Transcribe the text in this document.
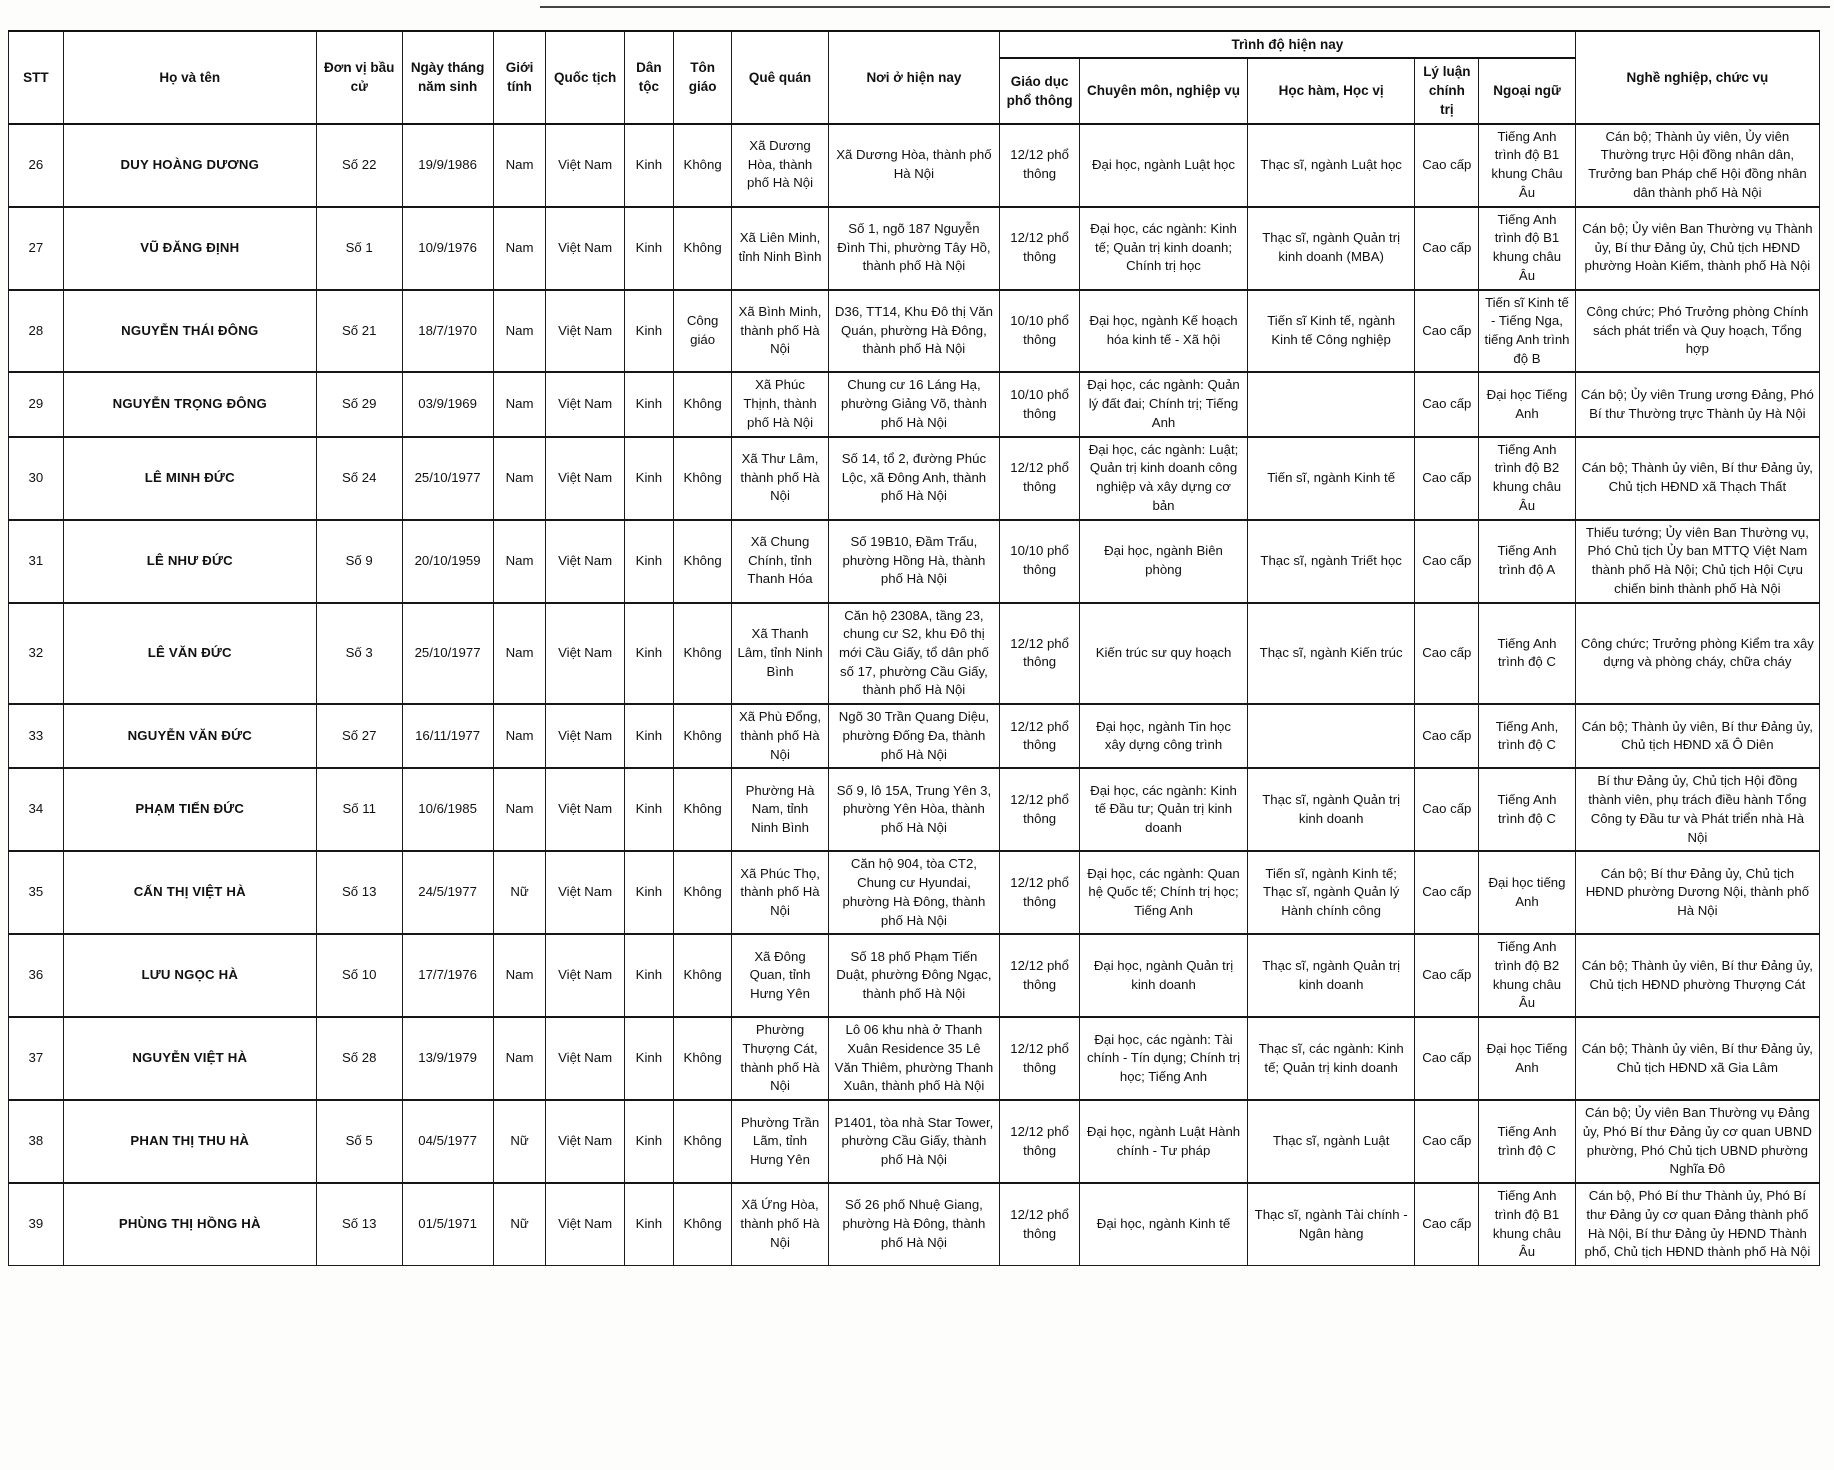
STT	Họ và tên	Đơn vị bầu cử	Ngày tháng năm sinh	Giới tính	Quốc tịch	Dân tộc	Tôn giáo	Quê quán	Nơi ở hiện nay	Trình độ hiện nay					Nghề nghiệp, chức vụ
										Giáo dục phổ thông	Chuyên môn, nghiệp vụ	Học hàm, Học vị	Lý luận chính trị	Ngoại ngữ	
26	DUY HOÀNG DƯƠNG	Số 22	19/9/1986	Nam	Việt Nam	Kinh	Không	Xã Dương Hòa, thành phố Hà Nội	Xã Dương Hòa, thành phố Hà Nội	12/12 phổ thông	Đại học, ngành Luật học	Thạc sĩ, ngành Luật học	Cao cấp	Tiếng Anh trình độ B1 khung Châu Âu	Cán bộ; Thành ủy viên, Ủy viên Thường trực Hội đồng nhân dân, Trưởng ban Pháp chế Hội đồng nhân dân thành phố Hà Nội
27	VŨ ĐĂNG ĐỊNH	Số 1	10/9/1976	Nam	Việt Nam	Kinh	Không	Xã Liên Minh, tỉnh Ninh Bình	Số 1, ngõ 187 Nguyễn Đình Thi, phường Tây Hồ, thành phố Hà Nội	12/12 phổ thông	Đại học, các ngành: Kinh tế; Quản trị kinh doanh; Chính trị học	Thạc sĩ, ngành Quản trị kinh doanh (MBA)	Cao cấp	Tiếng Anh trình độ B1 khung châu Âu	Cán bộ; Ủy viên Ban Thường vụ Thành ủy, Bí thư Đảng ủy, Chủ tịch HĐND phường Hoàn Kiếm, thành phố Hà Nội
28	NGUYỄN THÁI ĐÔNG	Số 21	18/7/1970	Nam	Việt Nam	Kinh	Công giáo	Xã Bình Minh, thành phố Hà Nội	D36, TT14, Khu Đô thị Văn Quán, phường Hà Đông, thành phố Hà Nội	10/10 phổ thông	Đại học, ngành Kế hoạch hóa kinh tế - Xã hội	Tiến sĩ Kinh tế, ngành Kinh tế Công nghiệp	Cao cấp	Tiến sĩ Kinh tế - Tiếng Nga, tiếng Anh trình độ B	Công chức; Phó Trưởng phòng Chính sách phát triển và Quy hoạch, Tổng hợp
29	NGUYỄN TRỌNG ĐÔNG	Số 29	03/9/1969	Nam	Việt Nam	Kinh	Không	Xã Phúc Thịnh, thành phố Hà Nội	Chung cư 16 Láng Hạ, phường Giảng Võ, thành phố Hà Nội	10/10 phổ thông	Đại học, các ngành: Quản lý đất đai; Chính trị; Tiếng Anh		Cao cấp	Đại học Tiếng Anh	Cán bộ; Ủy viên Trung ương Đảng, Phó Bí thư Thường trực Thành ủy Hà Nội
30	LÊ MINH ĐỨC	Số 24	25/10/1977	Nam	Việt Nam	Kinh	Không	Xã Thư Lâm, thành phố Hà Nội	Số 14, tổ 2, đường Phúc Lộc, xã Đông Anh, thành phố Hà Nội	12/12 phổ thông	Đại học, các ngành: Luật; Quản trị kinh doanh công nghiệp và xây dựng cơ bản	Tiến sĩ, ngành Kinh tế	Cao cấp	Tiếng Anh trình độ B2 khung châu Âu	Cán bộ; Thành ủy viên, Bí thư Đảng ủy, Chủ tịch HĐND xã Thạch Thất
31	LÊ NHƯ ĐỨC	Số 9	20/10/1959	Nam	Việt Nam	Kinh	Không	Xã Chung Chính, tỉnh Thanh Hóa	Số 19B10, Đầm Trấu, phường Hồng Hà, thành phố Hà Nội	10/10 phổ thông	Đại học, ngành Biên phòng	Thạc sĩ, ngành Triết học	Cao cấp	Tiếng Anh trình độ A	Thiếu tướng; Ủy viên Ban Thường vụ, Phó Chủ tịch Ủy ban MTTQ Việt Nam thành phố Hà Nội; Chủ tịch Hội Cựu chiến binh thành phố Hà Nội
32	LÊ VĂN ĐỨC	Số 3	25/10/1977	Nam	Việt Nam	Kinh	Không	Xã Thanh Lâm, tỉnh Ninh Bình	Căn hộ 2308A, tầng 23, chung cư S2, khu Đô thị mới Cầu Giấy, tổ dân phố số 17, phường Cầu Giấy, thành phố Hà Nội	12/12 phổ thông	Kiến trúc sư quy hoạch	Thạc sĩ, ngành Kiến trúc	Cao cấp	Tiếng Anh trình độ C	Công chức; Trưởng phòng Kiểm tra xây dựng và phòng cháy, chữa cháy
33	NGUYỄN VĂN ĐỨC	Số 27	16/11/1977	Nam	Việt Nam	Kinh	Không	Xã Phù Đổng, thành phố Hà Nội	Ngõ 30 Trần Quang Diệu, phường Đống Đa, thành phố Hà Nội	12/12 phổ thông	Đại học, ngành Tin học xây dựng công trình		Cao cấp	Tiếng Anh, trình độ C	Cán bộ; Thành ủy viên, Bí thư Đảng ủy, Chủ tịch HĐND xã Ô Diên
34	PHẠM TIẾN ĐỨC	Số 11	10/6/1985	Nam	Việt Nam	Kinh	Không	Phường Hà Nam, tỉnh Ninh Bình	Số 9, lô 15A, Trung Yên 3, phường Yên Hòa, thành phố Hà Nội	12/12 phổ thông	Đại học, các ngành: Kinh tế Đầu tư; Quản trị kinh doanh	Thạc sĩ, ngành Quản trị kinh doanh	Cao cấp	Tiếng Anh trình độ C	Bí thư Đảng ủy, Chủ tịch Hội đồng thành viên, phụ trách điều hành Tổng Công ty Đầu tư và Phát triển nhà Hà Nội
35	CẤN THỊ VIỆT HÀ	Số 13	24/5/1977	Nữ	Việt Nam	Kinh	Không	Xã Phúc Thọ, thành phố Hà Nội	Căn hộ 904, tòa CT2, Chung cư Hyundai, phường Hà Đông, thành phố Hà Nội	12/12 phổ thông	Đại học, các ngành: Quan hệ Quốc tế; Chính trị học; Tiếng Anh	Tiến sĩ, ngành Kinh tế; Thạc sĩ, ngành Quản lý Hành chính công	Cao cấp	Đại học tiếng Anh	Cán bộ; Bí thư Đảng ủy, Chủ tịch HĐND phường Dương Nội, thành phố Hà Nội
36	LƯU NGỌC HÀ	Số 10	17/7/1976	Nam	Việt Nam	Kinh	Không	Xã Đông Quan, tỉnh Hưng Yên	Số 18 phố Phạm Tiến Duật, phường Đông Ngạc, thành phố Hà Nội	12/12 phổ thông	Đại học, ngành Quản trị kinh doanh	Thạc sĩ, ngành Quản trị kinh doanh	Cao cấp	Tiếng Anh trình độ B2 khung châu Âu	Cán bộ; Thành ủy viên, Bí thư Đảng ủy, Chủ tịch HĐND phường Thượng Cát
37	NGUYỄN VIỆT HÀ	Số 28	13/9/1979	Nam	Việt Nam	Kinh	Không	Phường Thượng Cát, thành phố Hà Nội	Lô 06 khu nhà ở Thanh Xuân Residence 35 Lê Văn Thiêm, phường Thanh Xuân, thành phố Hà Nội	12/12 phổ thông	Đại học, các ngành: Tài chính - Tín dụng; Chính trị học; Tiếng Anh	Thạc sĩ, các ngành: Kinh tế; Quản trị kinh doanh	Cao cấp	Đại học Tiếng Anh	Cán bộ; Thành ủy viên, Bí thư Đảng ủy, Chủ tịch HĐND xã Gia Lâm
38	PHAN THỊ THU HÀ	Số 5	04/5/1977	Nữ	Việt Nam	Kinh	Không	Phường Trần Lãm, tỉnh Hưng Yên	P1401, tòa nhà Star Tower, phường Cầu Giấy, thành phố Hà Nội	12/12 phổ thông	Đại học, ngành Luật Hành chính - Tư pháp	Thạc sĩ, ngành Luật	Cao cấp	Tiếng Anh trình độ C	Cán bộ; Ủy viên Ban Thường vụ Đảng ủy, Phó Bí thư Đảng ủy cơ quan UBND phường, Phó Chủ tịch UBND phường Nghĩa Đô
39	PHÙNG THỊ HỒNG HÀ	Số 13	01/5/1971	Nữ	Việt Nam	Kinh	Không	Xã Ứng Hòa, thành phố Hà Nội	Số 26 phố Nhuệ Giang, phường Hà Đông, thành phố Hà Nội	12/12 phổ thông	Đại học, ngành Kinh tế	Thạc sĩ, ngành Tài chính - Ngân hàng	Cao cấp	Tiếng Anh trình độ B1 khung châu Âu	Cán bộ, Phó Bí thư Thành ủy, Phó Bí thư Đảng ủy cơ quan Đảng thành phố Hà Nội, Bí thư Đảng ủy HĐND Thành phố, Chủ tịch HĐND thành phố Hà Nội
